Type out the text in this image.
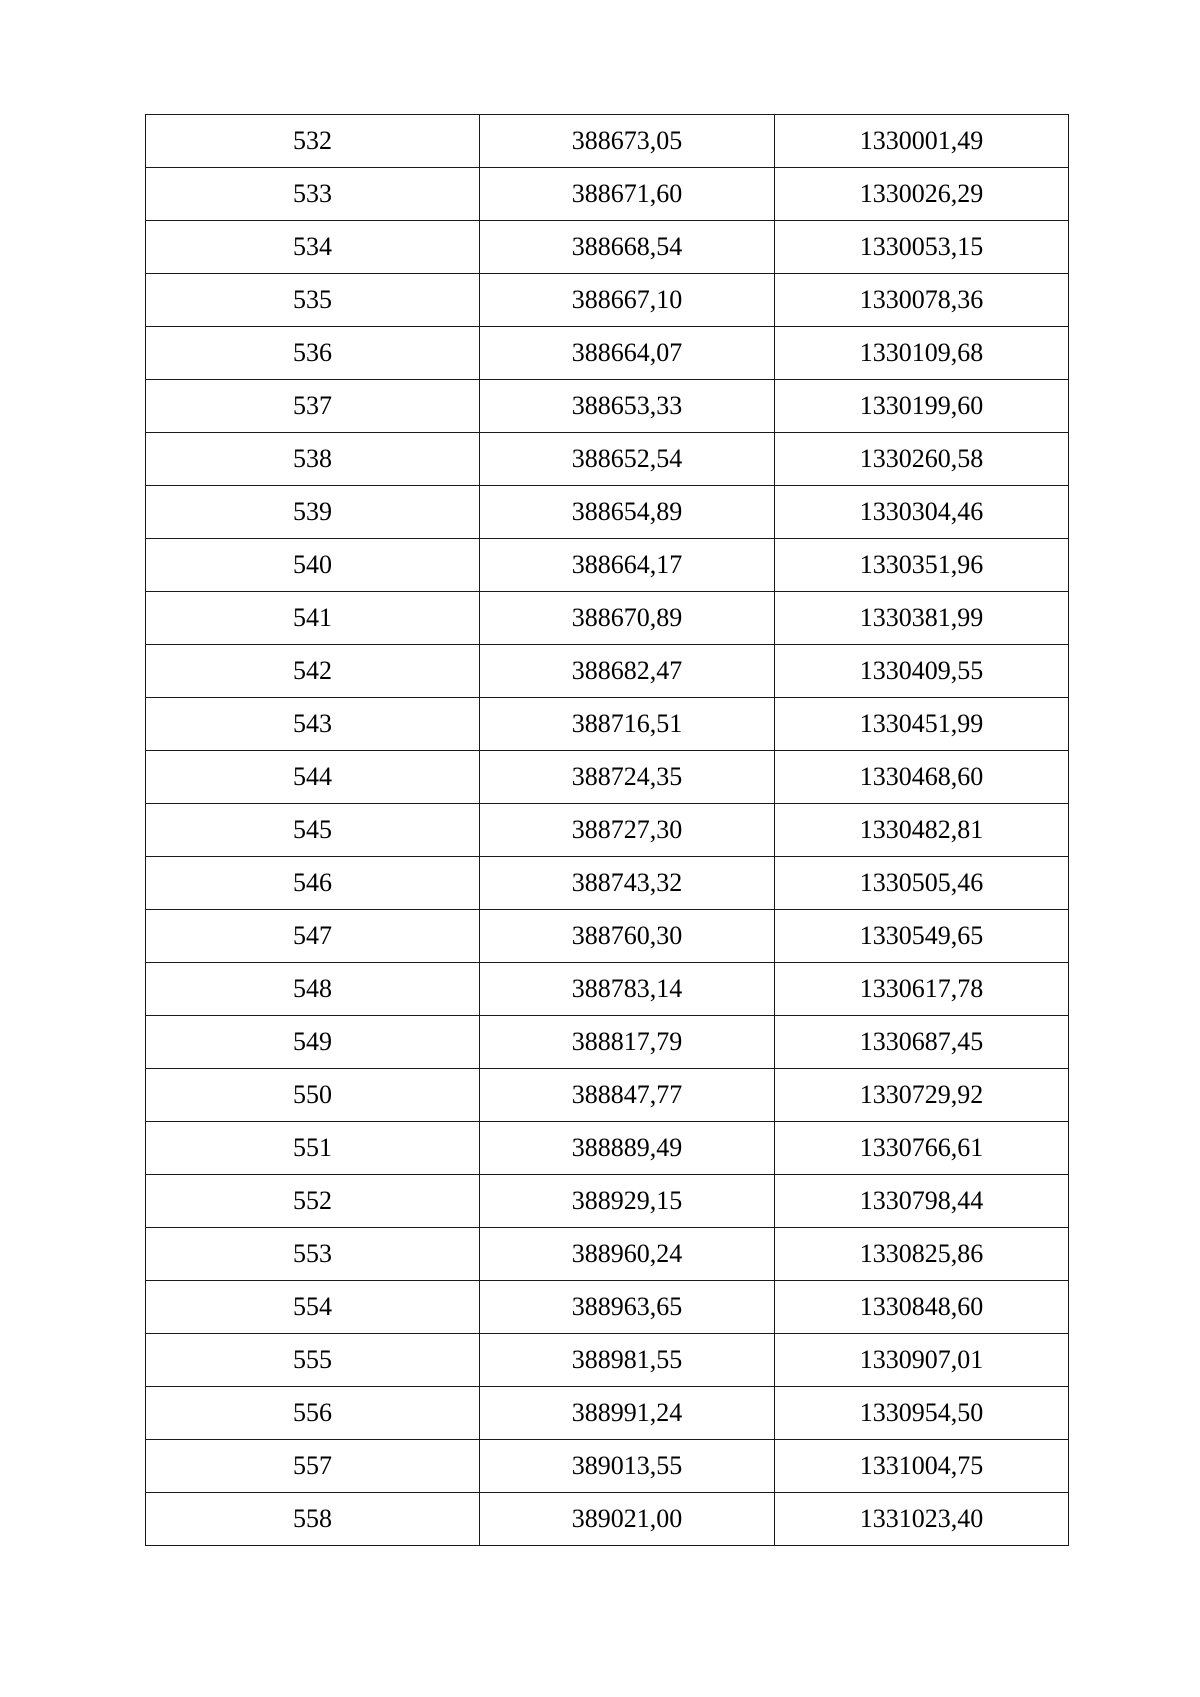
532	388673,05	1330001,49
533	388671,60	1330026,29
534	388668,54	1330053,15
535	388667,10	1330078,36
536	388664,07	1330109,68
537	388653,33	1330199,60
538	388652,54	1330260,58
539	388654,89	1330304,46
540	388664,17	1330351,96
541	388670,89	1330381,99
542	388682,47	1330409,55
543	388716,51	1330451,99
544	388724,35	1330468,60
545	388727,30	1330482,81
546	388743,32	1330505,46
547	388760,30	1330549,65
548	388783,14	1330617,78
549	388817,79	1330687,45
550	388847,77	1330729,92
551	388889,49	1330766,61
552	388929,15	1330798,44
553	388960,24	1330825,86
554	388963,65	1330848,60
555	388981,55	1330907,01
556	388991,24	1330954,50
557	389013,55	1331004,75
558	389021,00	1331023,40
